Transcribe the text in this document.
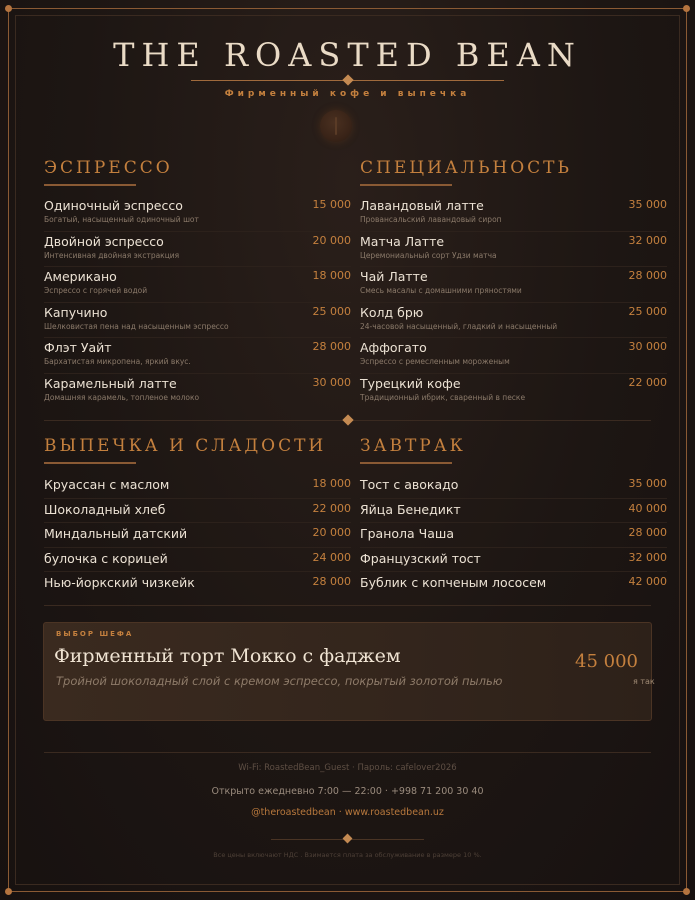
THE ROASTED BEAN
Фирменный кофе и выпечка
ЭСПРЕССО
Одиночный эспрессо
Богатый, насыщенный одиночный шот
15 000
Двойной эспрессо
Интенсивная двойная экстракция
20 000
Американо
Эспрессо с горячей водой
18 000
Капучино
Шелковистая пена над насыщенным эспрессо
25 000
Флэт Уайт
Бархатистая микропена, яркий вкус.
28 000
Карамельный латте
Домашняя карамель, топленое молоко
30 000
СПЕЦИАЛЬНОСТЬ
Лавандовый латте
Провансальский лавандовый сироп
35 000
Матча Латте
Церемониальный сорт Удзи матча
32 000
Чай Латте
Смесь масалы с домашними пряностями
28 000
Колд брю
24-часовой насыщенный, гладкий и насыщенный
25 000
Аффогато
Эспрессо с ремесленным мороженым
30 000
Турецкий кофе
Традиционный ибрик, сваренный в песке
22 000
ВЫПЕЧКА И СЛАДОСТИ
Круассан с маслом	18 000
Шоколадный хлеб	22 000
Миндальный датский	20 000
булочка с корицей	24 000
Нью-йоркский чизкейк	28 000
ЗАВТРАК
Тост с авокадо	35 000
Яйца Бенедикт	40 000
Гранола Чаша	28 000
Французский тост	32 000
Бублик с копченым лососем	42 000
ВЫБОР ШЕФА
Фирменный торт Мокко с фаджем
Тройной шоколадный слой с кремом эспрессо, покрытый золотой пылью
45 000
я так
Wi-Fi: RoastedBean_Guest · Пароль: cafelover2026
Открыто ежедневно 7:00 — 22:00 · +998 71 200 30 40
@theroastedbean · www.roastedbean.uz
Все цены включают НДС . Взимается плата за обслуживание в размере 10 %.
